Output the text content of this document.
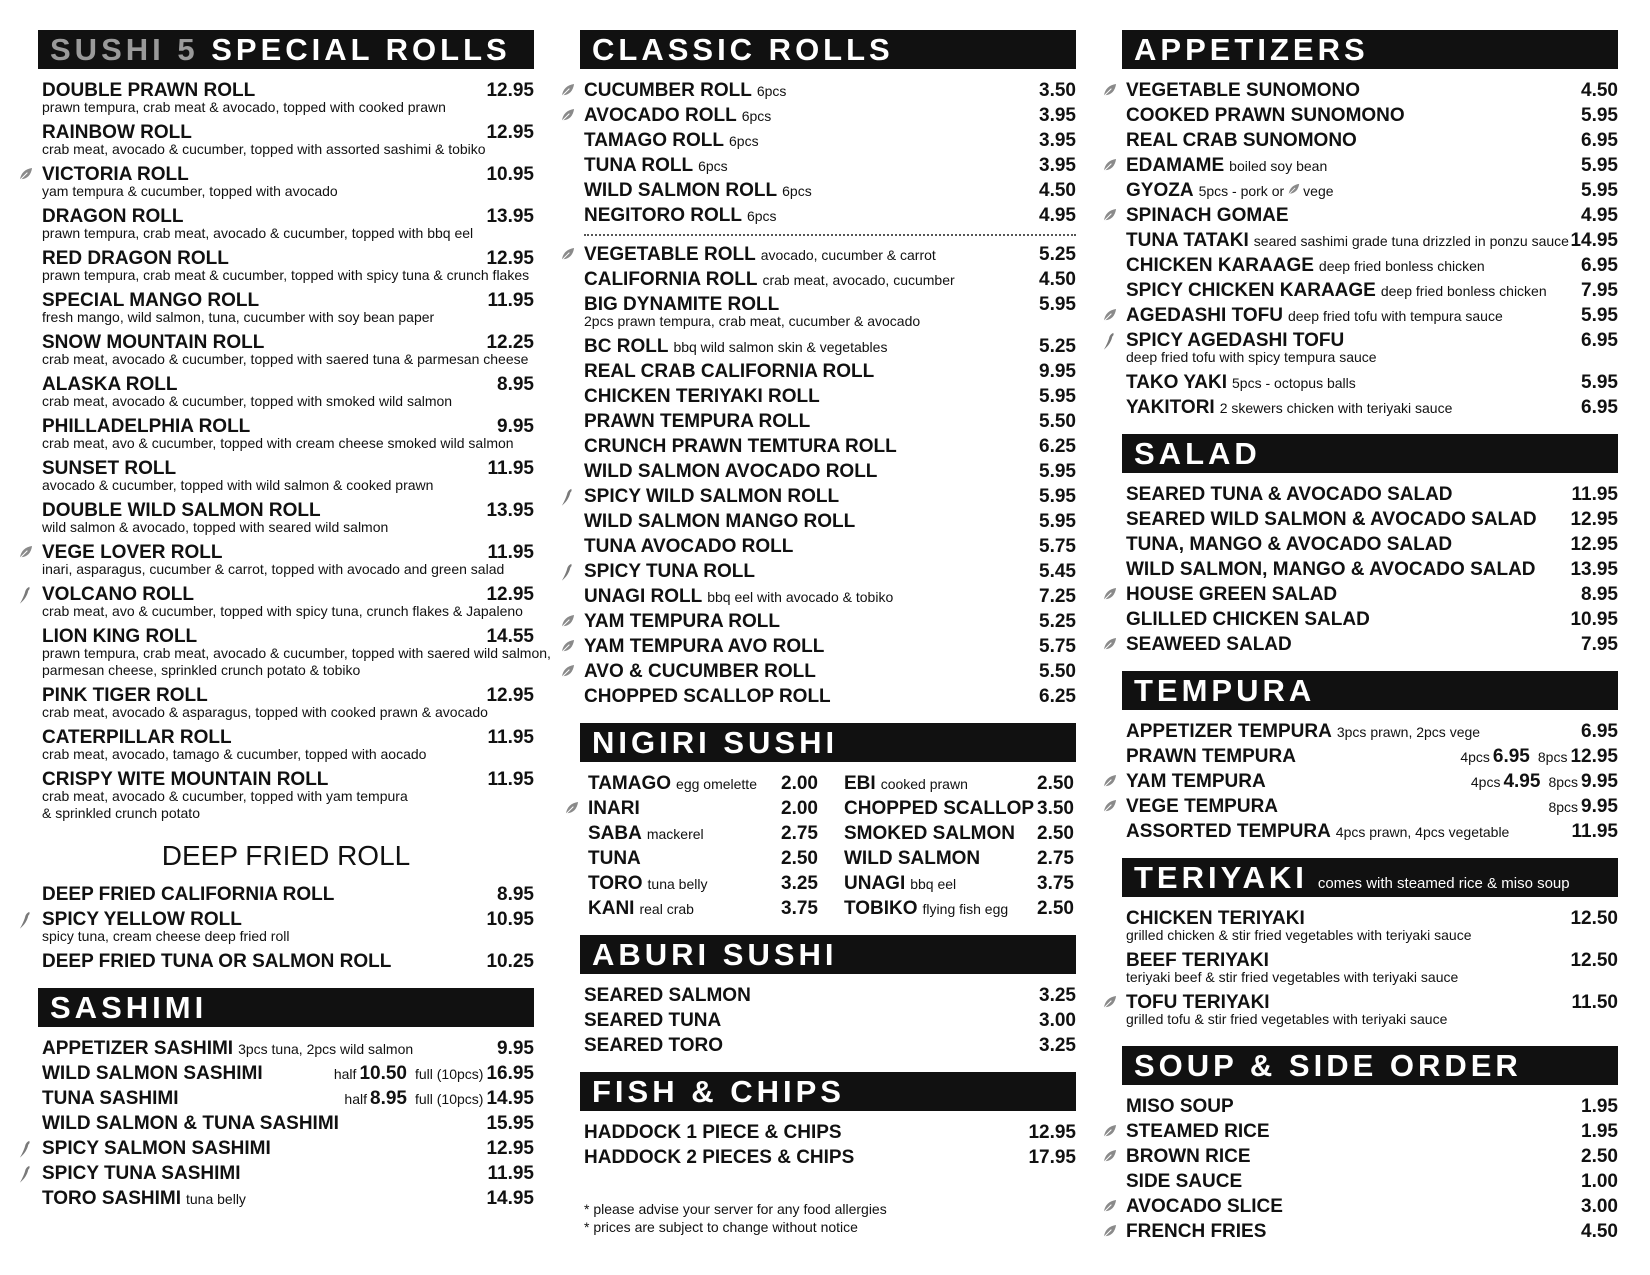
SUSHI 5 SPECIAL ROLLS
DOUBLE PRAWN ROLL	12.95
prawn tempura, crab meat & avocado, topped with cooked prawn
RAINBOW ROLL	12.95
crab meat, avocado & cucumber, topped with assorted sashimi & tobiko
VICTORIA ROLL	10.95
yam tempura & cucumber, topped with avocado
DRAGON ROLL	13.95
prawn tempura, crab meat, avocado & cucumber, topped with bbq eel
RED DRAGON ROLL	12.95
prawn tempura, crab meat & cucumber, topped with spicy tuna & crunch flakes
SPECIAL MANGO ROLL	11.95
fresh mango, wild salmon, tuna, cucumber with soy bean paper
SNOW MOUNTAIN ROLL	12.25
crab meat, avocado & cucumber, topped with saered tuna & parmesan cheese
ALASKA ROLL	8.95
crab meat, avocado & cucumber, topped with smoked wild salmon
PHILLADELPHIA ROLL	9.95
crab meat, avo & cucumber, topped with cream cheese smoked wild salmon
SUNSET ROLL	11.95
avocado & cucumber, topped with wild salmon & cooked prawn
DOUBLE WILD SALMON ROLL	13.95
wild salmon & avocado, topped with seared wild salmon
VEGE LOVER ROLL	11.95
inari, asparagus, cucumber & carrot, topped with avocado and green salad
VOLCANO ROLL	12.95
crab meat, avo & cucumber, topped with spicy tuna, crunch flakes & Japaleno
LION KING ROLL	14.55
prawn tempura, crab meat, avocado & cucumber, topped with saered wild salmon,
parmesan cheese, sprinkled crunch potato & tobiko
PINK TIGER ROLL	12.95
crab meat, avocado & asparagus, topped with cooked prawn & avocado
CATERPILLAR ROLL	11.95
crab meat, avocado, tamago & cucumber, topped with aocado
CRISPY WITE MOUNTAIN ROLL	11.95
crab meat, avocado & cucumber, topped with yam tempura
& sprinkled crunch potato
DEEP FRIED ROLL
DEEP FRIED CALIFORNIA ROLL	8.95
SPICY YELLOW ROLL	10.95
spicy tuna, cream cheese deep fried roll
DEEP FRIED TUNA OR SALMON ROLL	10.25
SASHIMI
APPETIZER SASHIMI 3pcs tuna, 2pcs wild salmon	9.95
WILD SALMON SASHIMI	half 10.50 full (10pcs) 16.95
TUNA SASHIMI	half 8.95 full (10pcs) 14.95
WILD SALMON & TUNA SASHIMI	15.95
SPICY SALMON SASHIMI	12.95
SPICY TUNA SASHIMI	11.95
TORO SASHIMI tuna belly	14.95
CLASSIC ROLLS
CUCUMBER ROLL 6pcs	3.50
AVOCADO ROLL 6pcs	3.95
TAMAGO ROLL 6pcs	3.95
TUNA ROLL 6pcs	3.95
WILD SALMON ROLL 6pcs	4.50
NEGITORO ROLL 6pcs	4.95
VEGETABLE ROLL avocado, cucumber & carrot	5.25
CALIFORNIA ROLL crab meat, avocado, cucumber	4.50
BIG DYNAMITE ROLL	5.95
2pcs prawn tempura, crab meat, cucumber & avocado
BC ROLL bbq wild salmon skin & vegetables	5.25
REAL CRAB CALIFORNIA ROLL	9.95
CHICKEN TERIYAKI ROLL	5.95
PRAWN TEMPURA ROLL	5.50
CRUNCH PRAWN TEMTURA ROLL	6.25
WILD SALMON AVOCADO ROLL	5.95
SPICY WILD SALMON ROLL	5.95
WILD SALMON MANGO ROLL	5.95
TUNA AVOCADO ROLL	5.75
SPICY TUNA ROLL	5.45
UNAGI ROLL bbq eel with avocado & tobiko	7.25
YAM TEMPURA ROLL	5.25
YAM TEMPURA AVO ROLL	5.75
AVO & CUCUMBER ROLL	5.50
CHOPPED SCALLOP ROLL	6.25
NIGIRI SUSHI
TAMAGO egg omelette 2.00
INARI	2.00
SABA mackerel	2.75
TUNA	2.50
TORO tuna belly	3.25
KANI real crab	3.75
EBI cooked prawn	2.50
CHOPPED SCALLOP 3.50
SMOKED SALMON 2.50
WILD SALMON	2.75
UNAGI bbq eel	3.75
TOBIKO flying fish egg 2.50
ABURI SUSHI
SEARED SALMON	3.25
SEARED TUNA	3.00
SEARED TORO	3.25
FISH & CHIPS
HADDOCK 1 PIECE & CHIPS	12.95
HADDOCK 2 PIECES & CHIPS	17.95
* please advise your server for any food allergies
* prices are subject to change without notice
APPETIZERS
VEGETABLE SUNOMONO	4.50
COOKED PRAWN SUNOMONO	5.95
REAL CRAB SUNOMONO	6.95
EDAMAME boiled soy bean	5.95
GYOZA 5pcs - pork or vege	5.95
SPINACH GOMAE	4.95
TUNA TATAKI seared sashimi grade tuna drizzled in ponzu sauce 14.95
CHICKEN KARAAGE deep fried bonless chicken	6.95
SPICY CHICKEN KARAAGE deep fried bonless chicken 7.95
AGEDASHI TOFU deep fried tofu with tempura sauce	5.95
SPICY AGEDASHI TOFU	6.95
deep fried tofu with spicy tempura sauce
TAKO YAKI 5pcs - octopus balls	5.95
YAKITORI 2 skewers chicken with teriyaki sauce	6.95
SALAD
SEARED TUNA & AVOCADO SALAD	11.95
SEARED WILD SALMON & AVOCADO SALAD 12.95
TUNA, MANGO & AVOCADO SALAD	12.95
WILD SALMON, MANGO & AVOCADO SALAD 13.95
HOUSE GREEN SALAD	8.95
GLILLED CHICKEN SALAD	10.95
SEAWEED SALAD	7.95
TEMPURA
APPETIZER TEMPURA 3pcs prawn, 2pcs vege	6.95
PRAWN TEMPURA	4pcs 6.95 8pcs 12.95
YAM TEMPURA	4pcs 4.95 8pcs 9.95
VEGE TEMPURA	8pcs 9.95
ASSORTED TEMPURA 4pcs prawn, 4pcs vegetable	11.95
TERIYAKI comes with steamed rice & miso soup
CHICKEN TERIYAKI	12.50
grilled chicken & stir fried vegetables with teriyaki sauce
BEEF TERIYAKI	12.50
teriyaki beef & stir fried vegetables with teriyaki sauce
TOFU TERIYAKI	11.50
grilled tofu & stir fried vegetables with teriyaki sauce
SOUP & SIDE ORDER
MISO SOUP	1.95
STEAMED RICE	1.95
BROWN RICE	2.50
SIDE SAUCE	1.00
AVOCADO SLICE	3.00
FRENCH FRIES	4.50
